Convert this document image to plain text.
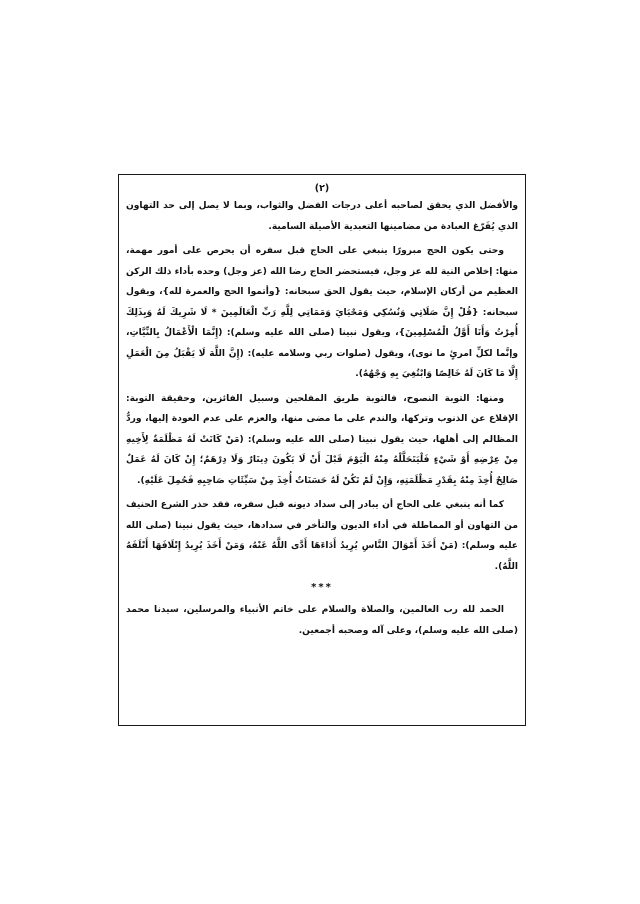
(٢)

والأفضل الذي يحقق لصاحبه أعلى درجات الفضل والثواب، وبما لا يصل إلى حد التهاون الذي يُفَرّغ العبادة من مضامينها التعبدية الأصيلة السامية.

وحتى يكون الحج مبرورًا ينبغي على الحاج قبل سفره أن يحرص على أمور مهمة، منها: إخلاص النية لله عز وجل، فيستحضر الحاج رضا الله (عز وجل) وحده بأداء ذلك الركن العظيم من أركان الإسلام، حيث يقول الحق سبحانه: {وأتموا الحج والعمرة لله}، ويقول سبحانه: {قُلْ إِنَّ صَلَاتِي وَنُسُكِي وَمَحْيَايَ وَمَمَاتِي لِلَّهِ رَبِّ الْعَالَمِينَ * لَا شَرِيكَ لَهُ وَبِذَلِكَ أُمِرْتُ وَأَنَا أَوَّلُ الْمُسْلِمِينَ}، ويقول نبينا (صلى الله عليه وسلم): (إِنَّمَا الْأَعْمَالُ بِالنِّيَّاتِ، وإنَّما لكلِّ امرئٍ ما نوى)، ويقول (صلوات ربي وسلامه عليه): (إِنَّ اللَّهَ لَا يَقْبَلُ مِنَ الْعَمَلِ إِلَّا مَا كَانَ لَهُ خَالِصًا وَابْتُغِيَ بِهِ وَجْهُهُ).

ومنها: التوبة النصوح، فالتوبة طريق المفلحين وسبيل الفائزين، وحقيقة التوبة: الإقلاع عن الذنوب وتركها، والندم على ما مضى منها، والعزم على عدم العودة إليها، وردُّ المظالم إلى أهلها، حيث يقول نبينا (صلى الله عليه وسلم): (مَنْ كَانَتْ لَهُ مَظْلَمَةٌ لِأَخِيهِ مِنْ عِرْضِهِ أَوْ شَيْءٍ فَلْيَتَحَلَّلْهُ مِنْهُ الْيَوْمَ قَبْلَ أَنْ لَا يَكُونَ دِينَارٌ وَلَا دِرْهَمٌ؛ إِنْ كَانَ لَهُ عَمَلٌ صَالِحٌ أُخِذَ مِنْهُ بِقَدْرِ مَظْلَمَتِهِ، وَإِنْ لَمْ تَكُنْ لَهُ حَسَنَاتٌ أُخِذَ مِنْ سَيِّئَاتِ صَاحِبِهِ فَحُمِلَ عَلَيْهِ).

كما أنه ينبغي على الحاج أن يبادر إلى سداد ديونه قبل سفره، فقد حذر الشرع الحنيف من التهاون أو المماطلة في أداء الديون والتأخر في سدادها، حيث يقول نبينا (صلى الله عليه وسلم): (مَنْ أَخَذَ أَمْوَالَ النَّاسِ يُرِيدُ أَدَاءَهَا أَدَّى اللَّهُ عَنْهُ، وَمَنْ أَخَذَ يُرِيدُ إِتْلَافَهَا أَتْلَفَهُ اللَّهُ).

***

الحمد لله رب العالمين، والصلاة والسلام على خاتم الأنبياء والمرسلين، سيدنا محمد (صلى الله عليه وسلم)، وعلى آله وصحبه أجمعين.
